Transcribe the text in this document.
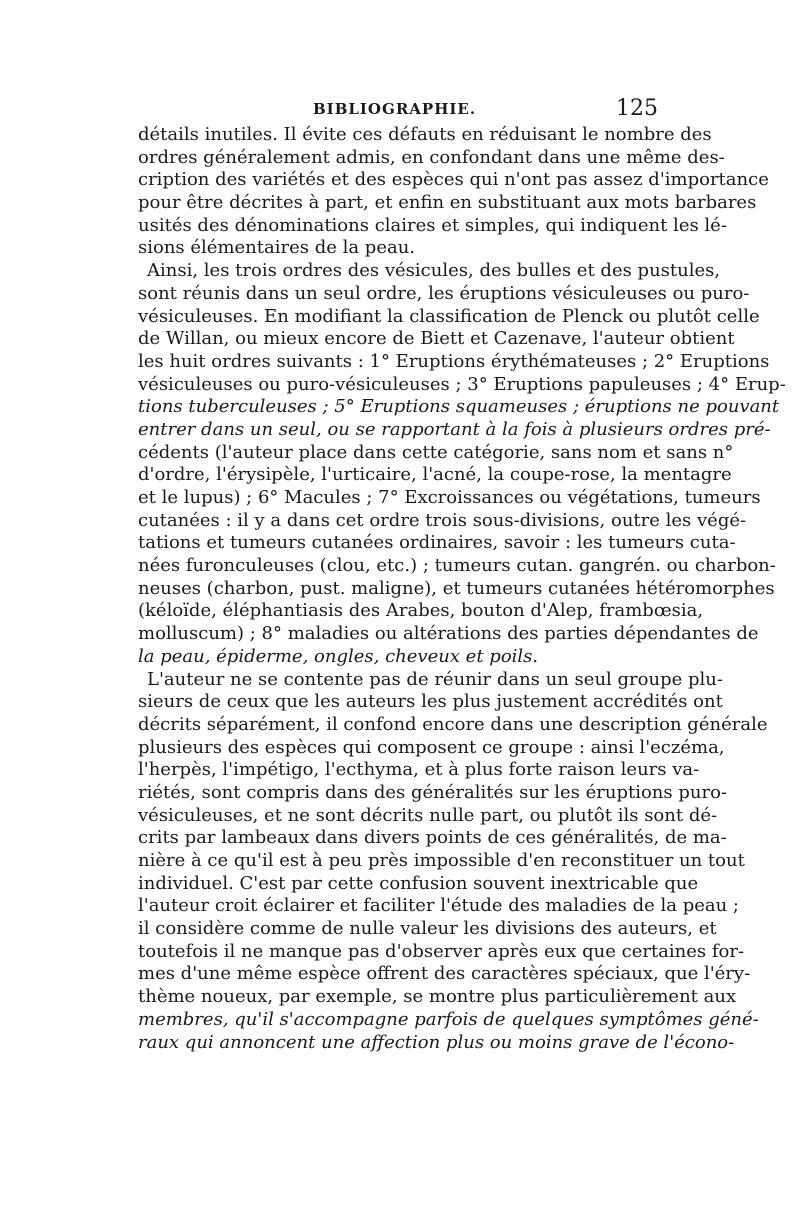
BIBLIOGRAPHIE.	125
détails inutiles. Il évite ces défauts en réduisant le nombre des
ordres généralement admis, en confondant dans une même des-
cription des variétés et des espèces qui n'ont pas assez d'importance
pour être décrites à part, et enfin en substituant aux mots barbares
usités des dénominations claires et simples, qui indiquent les lé-
sions élémentaires de la peau.
Ainsi, les trois ordres des vésicules, des bulles et des pustules,
sont réunis dans un seul ordre, les éruptions vésiculeuses ou puro-
vésiculeuses. En modifiant la classification de Plenck ou plutôt celle
de Willan, ou mieux encore de Biett et Cazenave, l'auteur obtient
les huit ordres suivants : 1° Eruptions érythémateuses ; 2° Eruptions
vésiculeuses ou puro-vésiculeuses ; 3° Eruptions papuleuses ; 4° Erup-
tions tuberculeuses ; 5° Eruptions squameuses ; éruptions ne pouvant
entrer dans un seul, ou se rapportant à la fois à plusieurs ordres pré-
cédents (l'auteur place dans cette catégorie, sans nom et sans n°
d'ordre, l'érysipèle, l'urticaire, l'acné, la coupe-rose, la mentagre
et le lupus) ; 6° Macules ; 7° Excroissances ou végétations, tumeurs
cutanées : il y a dans cet ordre trois sous-divisions, outre les végé-
tations et tumeurs cutanées ordinaires, savoir : les tumeurs cuta-
nées furonculeuses (clou, etc.) ; tumeurs cutan. gangrén. ou charbon-
neuses (charbon, pust. maligne), et tumeurs cutanées hétéromorphes
(kéloïde, éléphantiasis des Arabes, bouton d'Alep, frambœsia,
molluscum) ; 8° maladies ou altérations des parties dépendantes de
la peau, épiderme, ongles, cheveux et poils.
L'auteur ne se contente pas de réunir dans un seul groupe plu-
sieurs de ceux que les auteurs les plus justement accrédités ont
décrits séparément, il confond encore dans une description générale
plusieurs des espèces qui composent ce groupe : ainsi l'eczéma,
l'herpès, l'impétigo, l'ecthyma, et à plus forte raison leurs va-
riétés, sont compris dans des généralités sur les éruptions puro-
vésiculeuses, et ne sont décrits nulle part, ou plutôt ils sont dé-
crits par lambeaux dans divers points de ces généralités, de ma-
nière à ce qu'il est à peu près impossible d'en reconstituer un tout
individuel. C'est par cette confusion souvent inextricable que
l'auteur croit éclairer et faciliter l'étude des maladies de la peau ;
il considère comme de nulle valeur les divisions des auteurs, et
toutefois il ne manque pas d'observer après eux que certaines for-
mes d'une même espèce offrent des caractères spéciaux, que l'éry-
thème noueux, par exemple, se montre plus particulièrement aux
membres, qu'il s'accompagne parfois de quelques symptômes géné-
raux qui annoncent une affection plus ou moins grave de l'écono-
